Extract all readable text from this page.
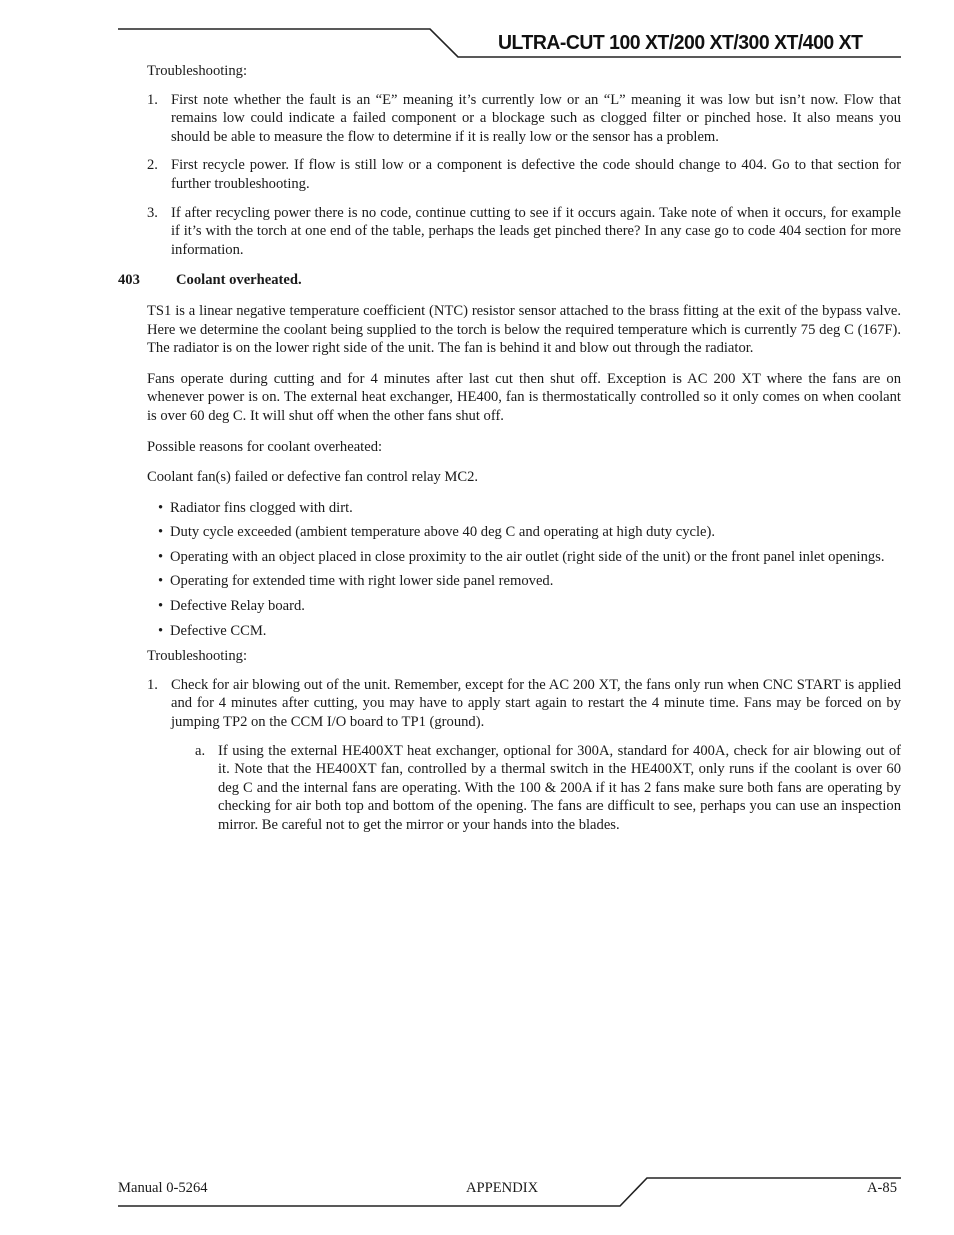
ULTRA-CUT 100 XT/200 XT/300 XT/400 XT

Troubleshooting:

1. First note whether the fault is an “E” meaning it’s currently low or an “L” meaning it was low but isn’t now. Flow that remains low could indicate a failed component or a blockage such as clogged filter or pinched hose. It also means you should be able to measure the flow to determine if it is really low or the sensor has a problem.
2. First recycle power. If flow is still low or a component is defective the code should change to 404. Go to that section for further troubleshooting.
3. If after recycling power there is no code, continue cutting to see if it occurs again. Take note of when it occurs, for example if it’s with the torch at one end of the table, perhaps the leads get pinched there? In any case go to code 404 section for more information.
403	Coolant overheated.

TS1 is a linear negative temperature coefficient (NTC) resistor sensor attached to the brass fitting at the exit of the bypass valve. Here we determine the coolant being supplied to the torch is below the required temperature which is currently 75 deg C (167F). The radiator is on the lower right side of the unit. The fan is behind it and blow out through the radiator.

Fans operate during cutting and for 4 minutes after last cut then shut off. Exception is AC 200 XT where the fans are on whenever power is on. The external heat exchanger, HE400, fan is thermostatically controlled so it only comes on when coolant is over 60 deg C. It will shut off when the other fans shut off.

Possible reasons for coolant overheated:

Coolant fan(s) failed or defective fan control relay MC2.

• Radiator fins clogged with dirt.
• Duty cycle exceeded (ambient temperature above 40 deg C and operating at high duty cycle).
• Operating with an object placed in close proximity to the air outlet (right side of the unit) or the front panel inlet openings.
• Operating for extended time with right lower side panel removed.
• Defective Relay board.
• Defective CCM.

Troubleshooting:

1. Check for air blowing out of the unit. Remember, except for the AC 200 XT, the fans only run when CNC START is applied and for 4 minutes after cutting, you may have to apply start again to restart the 4 minute time. Fans may be forced on by jumping TP2 on the CCM I/O board to TP1 (ground).
a. If using the external HE400XT heat exchanger, optional for 300A, standard for 400A, check for air blowing out of it. Note that the HE400XT fan, controlled by a thermal switch in the HE400XT, only runs if the coolant is over 60 deg C and the internal fans are operating. With the 100 & 200A if it has 2 fans make sure both fans are operating by checking for air both top and bottom of the opening. The fans are difficult to see, perhaps you can use an inspection mirror. Be careful not to get the mirror or your hands into the blades.
Manual 0-5264	APPENDIX	A-85
